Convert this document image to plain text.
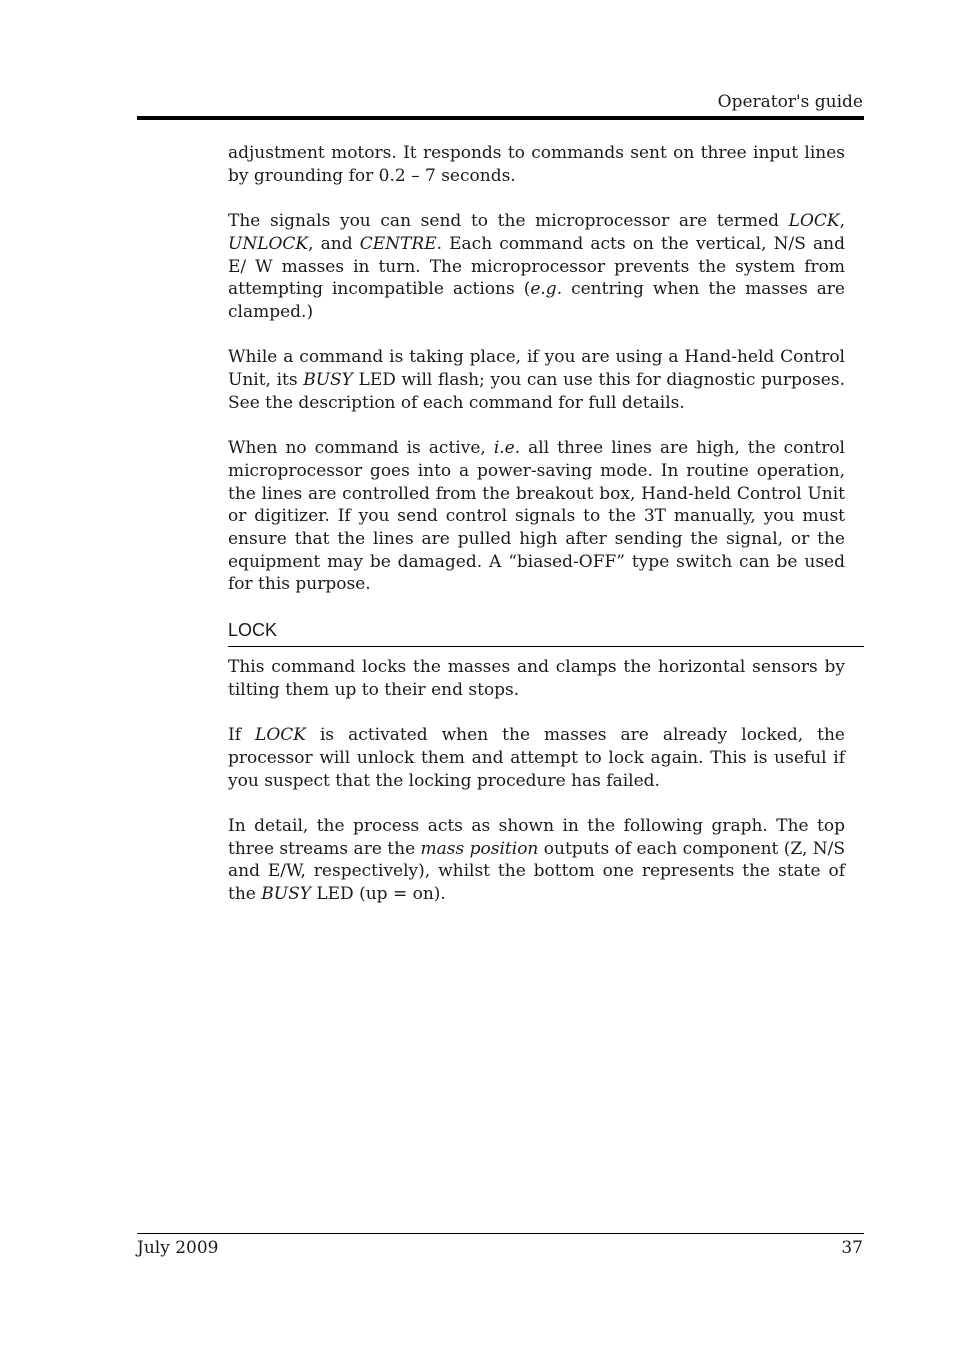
Operator's guide

adjustment motors. It responds to commands sent on three input lines by grounding for 0.2 – 7 seconds.

The signals you can send to the microprocessor are termed LOCK, UNLOCK, and CENTRE. Each command acts on the vertical, N/S and E/ W masses in turn. The microprocessor prevents the system from attempting incompatible actions (e.g. centring when the masses are clamped.)

While a command is taking place, if you are using a Hand-held Control Unit, its BUSY LED will flash; you can use this for diagnostic purposes. See the description of each command for full details.

When no command is active, i.e. all three lines are high, the control microprocessor goes into a power-saving mode. In routine operation, the lines are controlled from the breakout box, Hand-held Control Unit or digitizer. If you send control signals to the 3T manually, you must ensure that the lines are pulled high after sending the signal, or the equipment may be damaged. A “biased-OFF” type switch can be used for this purpose.

LOCK

This command locks the masses and clamps the horizontal sensors by tilting them up to their end stops.

If LOCK is activated when the masses are already locked, the processor will unlock them and attempt to lock again. This is useful if you suspect that the locking procedure has failed.

In detail, the process acts as shown in the following graph. The top three streams are the mass position outputs of each component (Z, N/S and E/W, respectively), whilst the bottom one represents the state of the BUSY LED (up = on).

July 2009	37
